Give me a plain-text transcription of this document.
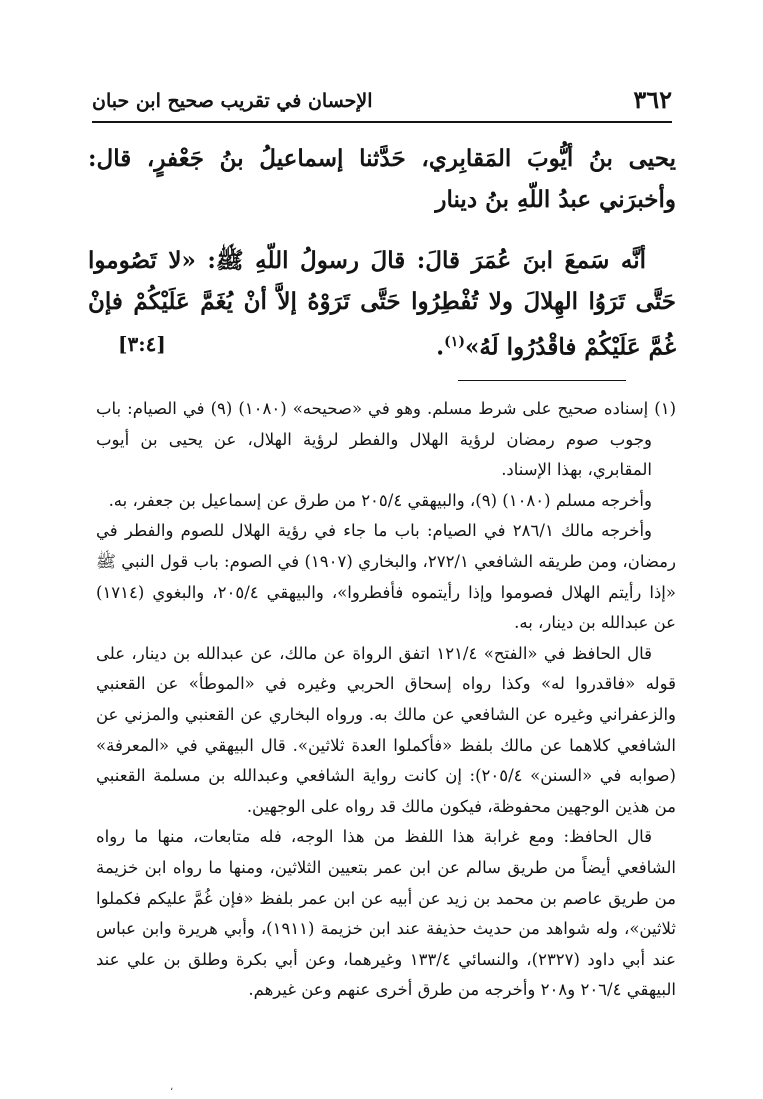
٣٦٢
الإحسان في تقريب صحيح ابن حبان

يحيى بنُ أيُّوبَ المَقابِري، حَدَّثنا إسماعيلُ بنُ جَعْفرٍ، قال: وأخبرَني عبدُ اللّهِ بنُ دينار

أنَّه سَمعَ ابنَ عُمَرَ قالَ: قالَ رسولُ اللّهِ ﷺ: «لا تَصُوموا حَتَّى تَرَوُا الهِلالَ ولا تُفْطِرُوا حَتَّى تَرَوْهُ إلاَّ أنْ يُغَمَّ عَلَيْكُمْ فإنْ غُمَّ عَلَيْكُمْ فاقْدُرُوا لَهُ»$^{(١)}$.
[٣:٤]

(١) إسناده صحيح على شرط مسلم. وهو في «صحيحه» (١٠٨٠) (٩) في الصيام: باب وجوب صوم رمضان لرؤية الهلال والفطر لرؤية الهلال، عن يحيى بن أيوب المقابري، بهذا الإسناد.

وأخرجه مسلم (١٠٨٠) (٩)، والبيهقي ٢٠٥/٤ من طرق عن إسماعيل بن جعفر، به.

وأخرجه مالك ٢٨٦/١ في الصيام: باب ما جاء في رؤية الهلال للصوم والفطر في رمضان، ومن طريقه الشافعي ٢٧٢/١، والبخاري (١٩٠٧) في الصوم: باب قول النبي ﷺ «إذا رأيتم الهلال فصوموا وإذا رأيتموه فأفطروا»، والبيهقي ٢٠٥/٤، والبغوي (١٧١٤) عن عبدالله بن دينار، به.

قال الحافظ في «الفتح» ١٢١/٤ اتفق الرواة عن مالك، عن عبدالله بن دينار، على قوله «فاقدروا له» وكذا رواه إسحاق الحربي وغيره في «الموطأ» عن القعنبي والزعفراني وغيره عن الشافعي عن مالك به. ورواه البخاري عن القعنبي والمزني عن الشافعي كلاهما عن مالك بلفظ «فأكملوا العدة ثلاثين». قال البيهقي في «المعرفة» (صوابه في «السنن» ٢٠٥/٤): إن كانت رواية الشافعي وعبدالله بن مسلمة القعنبي من هذين الوجهين محفوظة، فيكون مالك قد رواه على الوجهين.

قال الحافظ: ومع غرابة هذا اللفظ من هذا الوجه، فله متابعات، منها ما رواه الشافعي أيضاً من طريق سالم عن ابن عمر بتعيين الثلاثين، ومنها ما رواه ابن خزيمة من طريق عاصم بن محمد بن زيد عن أبيه عن ابن عمر بلفظ «فإن غُمَّ عليكم فكملوا ثلاثين»، وله شواهد من حديث حذيفة عند ابن خزيمة (١٩١١)، وأبي هريرة وابن عباس عند أبي داود (٢٣٢٧)، والنسائي ١٣٣/٤ وغيرهما، وعن أبي بكرة وطلق بن علي عند البيهقي ٢٠٦/٤ و٢٠٨ وأخرجه من طرق أخرى عنهم وعن غيرهم.

،
